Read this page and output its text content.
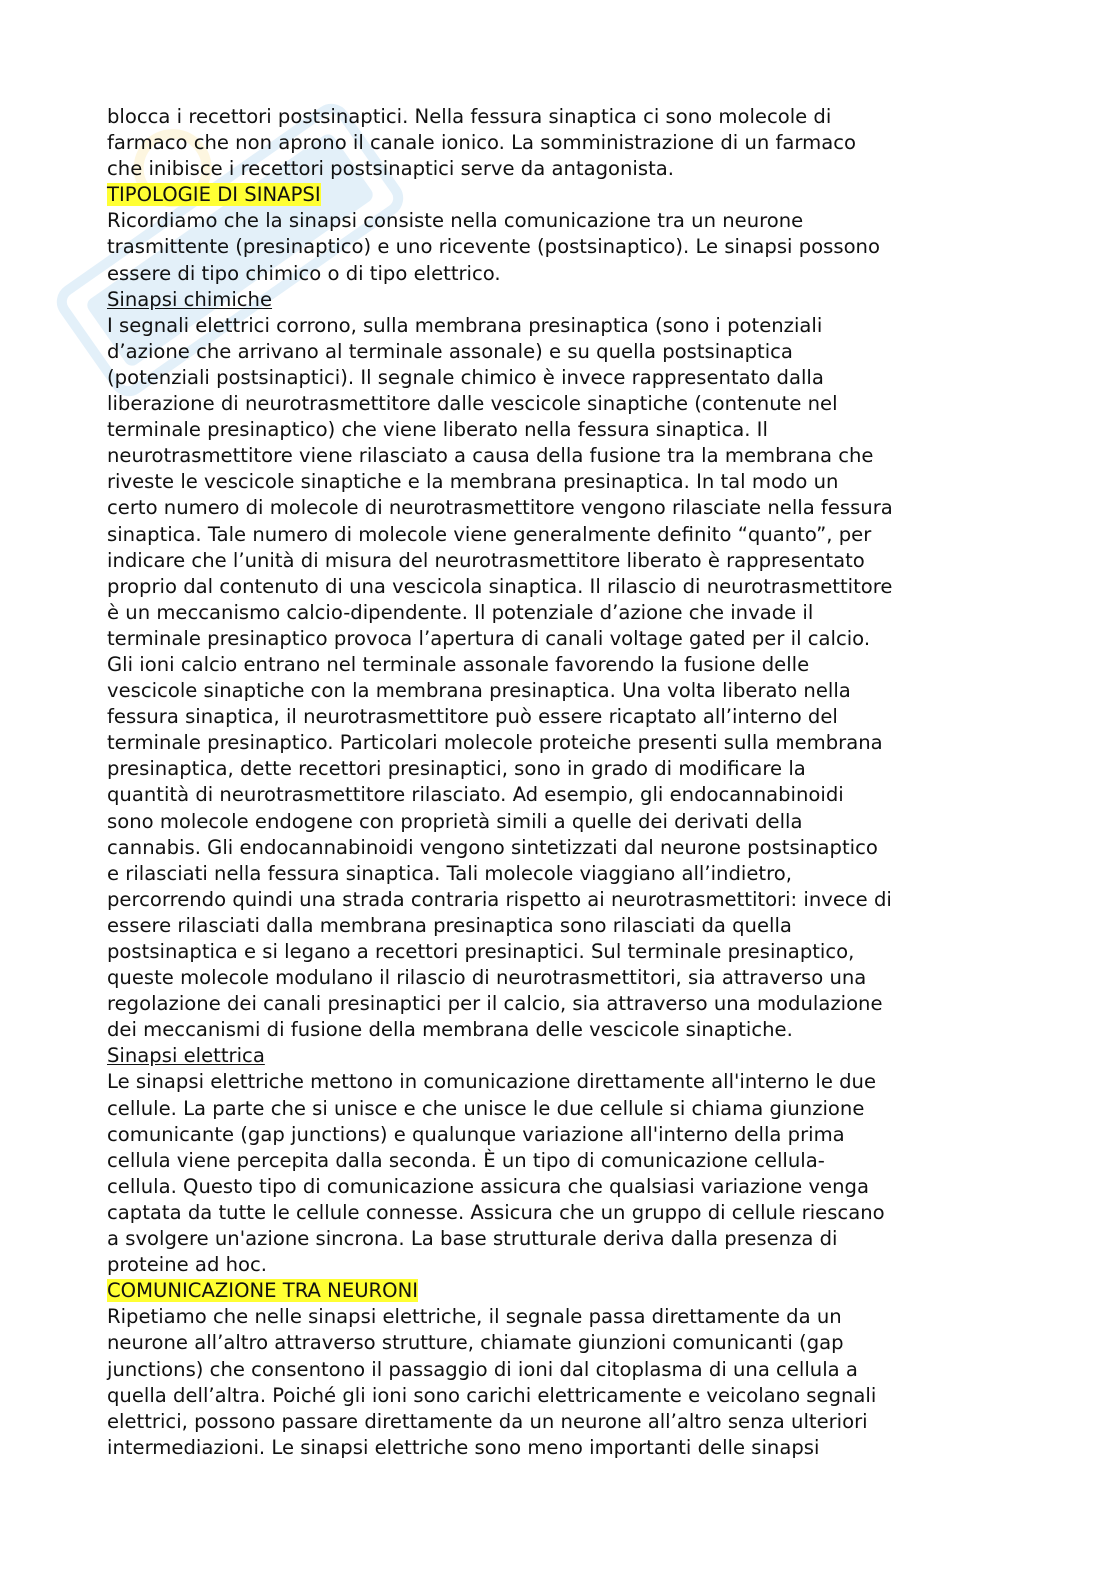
blocca i recettori postsinaptici. Nella fessura sinaptica ci sono molecole di
farmaco che non aprono il canale ionico. La somministrazione di un farmaco
che inibisce i recettori postsinaptici serve da antagonista.
TIPOLOGIE DI SINAPSI
Ricordiamo che la sinapsi consiste nella comunicazione tra un neurone
trasmittente (presinaptico) e uno ricevente (postsinaptico). Le sinapsi possono
essere di tipo chimico o di tipo elettrico.
Sinapsi chimiche
I segnali elettrici corrono, sulla membrana presinaptica (sono i potenziali
d’azione che arrivano al terminale assonale) e su quella postsinaptica
(potenziali postsinaptici). Il segnale chimico è invece rappresentato dalla
liberazione di neurotrasmettitore dalle vescicole sinaptiche (contenute nel
terminale presinaptico) che viene liberato nella fessura sinaptica. Il
neurotrasmettitore viene rilasciato a causa della fusione tra la membrana che
riveste le vescicole sinaptiche e la membrana presinaptica. In tal modo un
certo numero di molecole di neurotrasmettitore vengono rilasciate nella fessura
sinaptica. Tale numero di molecole viene generalmente definito “quanto”, per
indicare che l’unità di misura del neurotrasmettitore liberato è rappresentato
proprio dal contenuto di una vescicola sinaptica. Il rilascio di neurotrasmettitore
è un meccanismo calcio-dipendente. Il potenziale d’azione che invade il
terminale presinaptico provoca l’apertura di canali voltage gated per il calcio.
Gli ioni calcio entrano nel terminale assonale favorendo la fusione delle
vescicole sinaptiche con la membrana presinaptica. Una volta liberato nella
fessura sinaptica, il neurotrasmettitore può essere ricaptato all’interno del
terminale presinaptico. Particolari molecole proteiche presenti sulla membrana
presinaptica, dette recettori presinaptici, sono in grado di modificare la
quantità di neurotrasmettitore rilasciato. Ad esempio, gli endocannabinoidi
sono molecole endogene con proprietà simili a quelle dei derivati della
cannabis. Gli endocannabinoidi vengono sintetizzati dal neurone postsinaptico
e rilasciati nella fessura sinaptica. Tali molecole viaggiano all’indietro,
percorrendo quindi una strada contraria rispetto ai neurotrasmettitori: invece di
essere rilasciati dalla membrana presinaptica sono rilasciati da quella
postsinaptica e si legano a recettori presinaptici. Sul terminale presinaptico,
queste molecole modulano il rilascio di neurotrasmettitori, sia attraverso una
regolazione dei canali presinaptici per il calcio, sia attraverso una modulazione
dei meccanismi di fusione della membrana delle vescicole sinaptiche.
Sinapsi elettrica
Le sinapsi elettriche mettono in comunicazione direttamente all'interno le due
cellule. La parte che si unisce e che unisce le due cellule si chiama giunzione
comunicante (gap junctions) e qualunque variazione all'interno della prima
cellula viene percepita dalla seconda. È un tipo di comunicazione cellula-
cellula. Questo tipo di comunicazione assicura che qualsiasi variazione venga
captata da tutte le cellule connesse. Assicura che un gruppo di cellule riescano
a svolgere un'azione sincrona. La base strutturale deriva dalla presenza di
proteine ad hoc.
COMUNICAZIONE TRA NEURONI
Ripetiamo che nelle sinapsi elettriche, il segnale passa direttamente da un
neurone all’altro attraverso strutture, chiamate giunzioni comunicanti (gap
junctions) che consentono il passaggio di ioni dal citoplasma di una cellula a
quella dell’altra. Poiché gli ioni sono carichi elettricamente e veicolano segnali
elettrici, possono passare direttamente da un neurone all’altro senza ulteriori
intermediazioni. Le sinapsi elettriche sono meno importanti delle sinapsi
